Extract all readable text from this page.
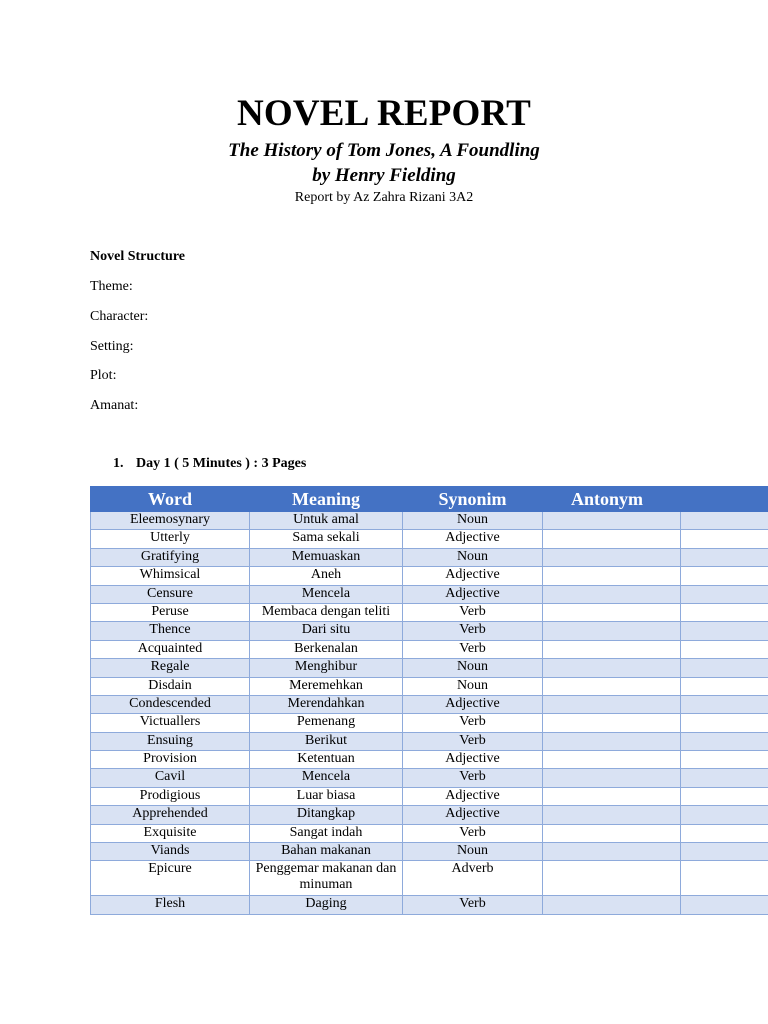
NOVEL REPORT
The History of Tom Jones, A Foundling
by Henry Fielding
Report by Az Zahra Rizani 3A2
Novel Structure
Theme:
Character:
Setting:
Plot:
Amanat:
1. Day 1 ( 5 Minutes ) : 3 Pages
Word	Meaning	Synonim	Antonym	
Eleemosynary	Untuk amal	Noun		
Utterly	Sama sekali	Adjective		
Gratifying	Memuaskan	Noun		
Whimsical	Aneh	Adjective		
Censure	Mencela	Adjective		
Peruse	Membaca dengan teliti	Verb		
Thence	Dari situ	Verb		
Acquainted	Berkenalan	Verb		
Regale	Menghibur	Noun		
Disdain	Meremehkan	Noun		
Condescended	Merendahkan	Adjective		
Victuallers	Pemenang	Verb		
Ensuing	Berikut	Verb		
Provision	Ketentuan	Adjective		
Cavil	Mencela	Verb		
Prodigious	Luar biasa	Adjective		
Apprehended	Ditangkap	Adjective		
Exquisite	Sangat indah	Verb		
Viands	Bahan makanan	Noun		
Epicure	Penggemar makanan dan minuman	Adverb		
Flesh	Daging	Verb		
